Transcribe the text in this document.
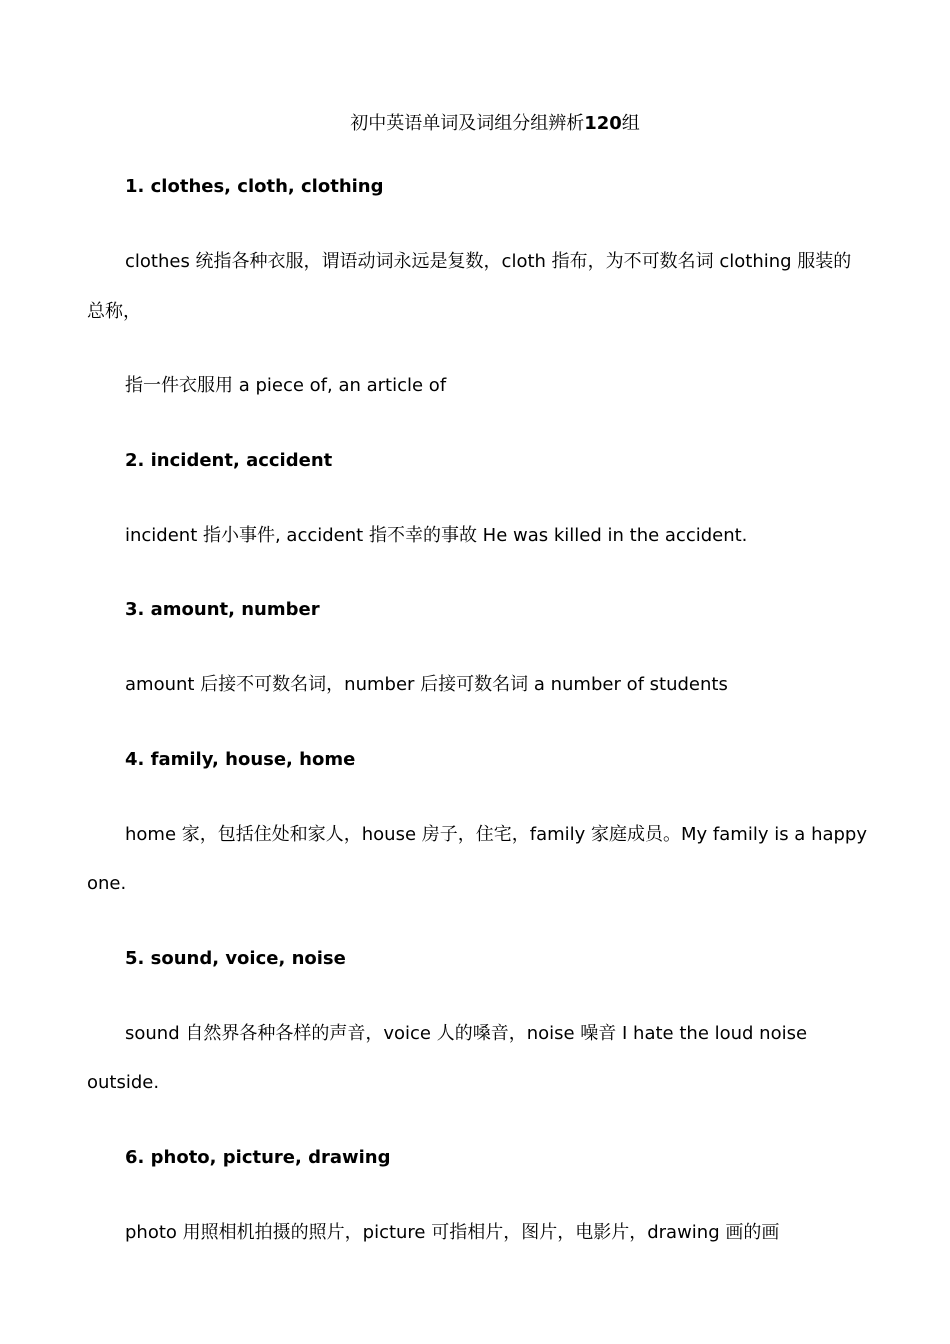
初中英语单词及词组分组辨析120组
1. clothes, cloth, clothing
clothes 统指各种衣服，谓语动词永远是复数，cloth 指布，为不可数名词 clothing 服装的
总称，
指一件衣服用 a piece of, an article of
2. incident, accident
incident 指小事件, accident 指不幸的事故 He was killed in the accident.
3. amount, number
amount 后接不可数名词，number 后接可数名词 a number of students
4. family, house, home
home 家，包括住处和家人，house 房子，住宅，family 家庭成员。My family is a happy
one.
5. sound, voice, noise
sound 自然界各种各样的声音，voice 人的嗓音，noise 噪音 I hate the loud noise
outside.
6. photo, picture, drawing
photo 用照相机拍摄的照片，picture 可指相片，图片，电影片，drawing 画的画
